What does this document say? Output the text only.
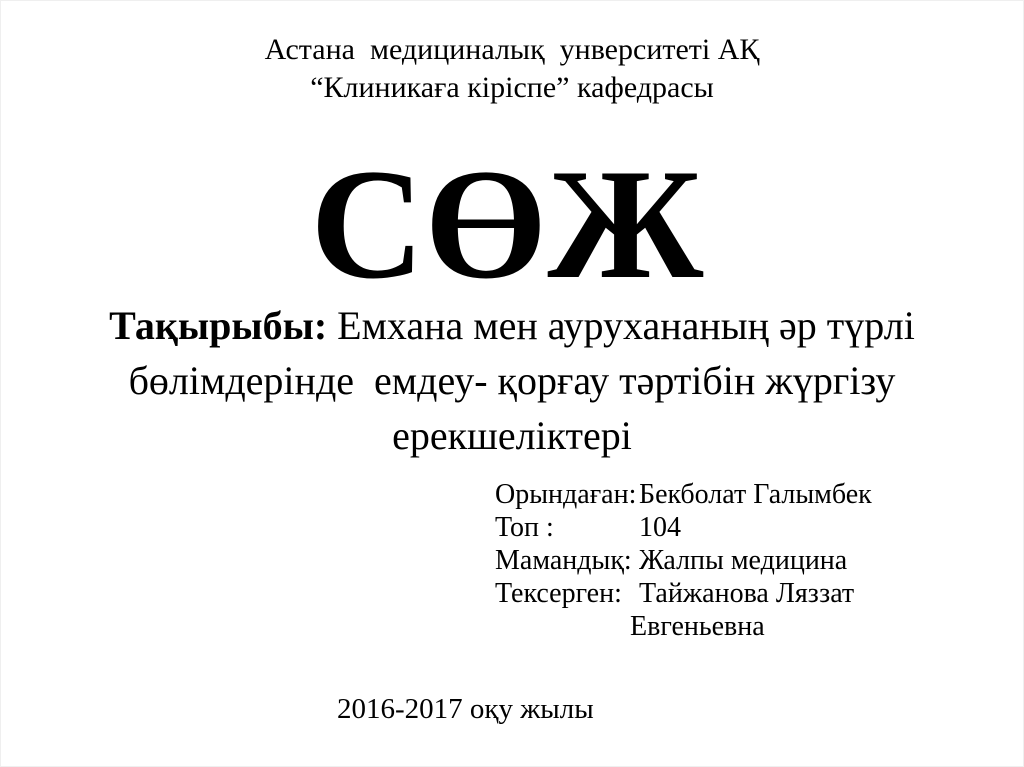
Астана  медициналық  унверситеті АҚ
“Клиникаға кіріспе” кафедрасы
СӨЖ
Тақырыбы: Емхана мен аурухананың әр түрлі
бөлімдерінде  емдеу- қорғау тәртібін жүргізу
ерекшеліктері
Орындаған: Бекболат Галымбек
Топ :	104
Мамандық: Жалпы медицина
Тексерген: Тайжанова Ляззат
Евгеньевна
2016-2017 оқу жылы
